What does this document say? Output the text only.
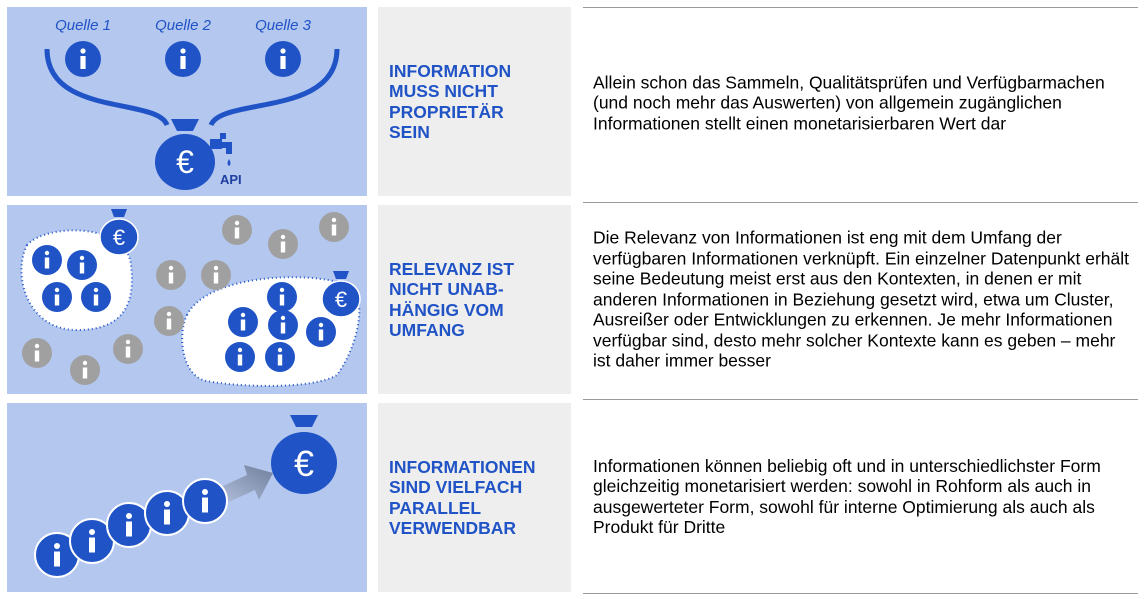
Quelle 1	Quelle 2	Quelle 3
€ API
INFORMATION
MUSS NICHT
PROPRIETÄR
SEIN
Allein schon das Sammeln, Qualitätsprüfen und Verfügbarmachen (und noch mehr das Auswerten) von allgemein zugänglichen Informationen stellt einen monetarisierbaren Wert dar
€
€
RELEVANZ IST
NICHT UNAB-
HÄNGIG VOM
UMFANG
Die Relevanz von Informationen ist eng mit dem Umfang der verfügbaren Informationen verknüpft. Ein einzelner Datenpunkt erhält seine Bedeutung meist erst aus den Kontexten, in denen er mit anderen Informationen in Beziehung gesetzt wird, etwa um Cluster, Ausreißer oder Entwicklungen zu erkennen. Je mehr Informationen verfügbar sind, desto mehr solcher Kontexte kann es geben – mehr ist daher immer besser
€	INFORMATIONEN
SIND VIELFACH
PARALLEL
VERWENDBAR
Informationen können beliebig oft und in unterschiedlichster Form gleichzeitig monetarisiert werden: sowohl in Rohform als auch in ausgewerteter Form, sowohl für interne Optimierung als auch als Produkt für Dritte
